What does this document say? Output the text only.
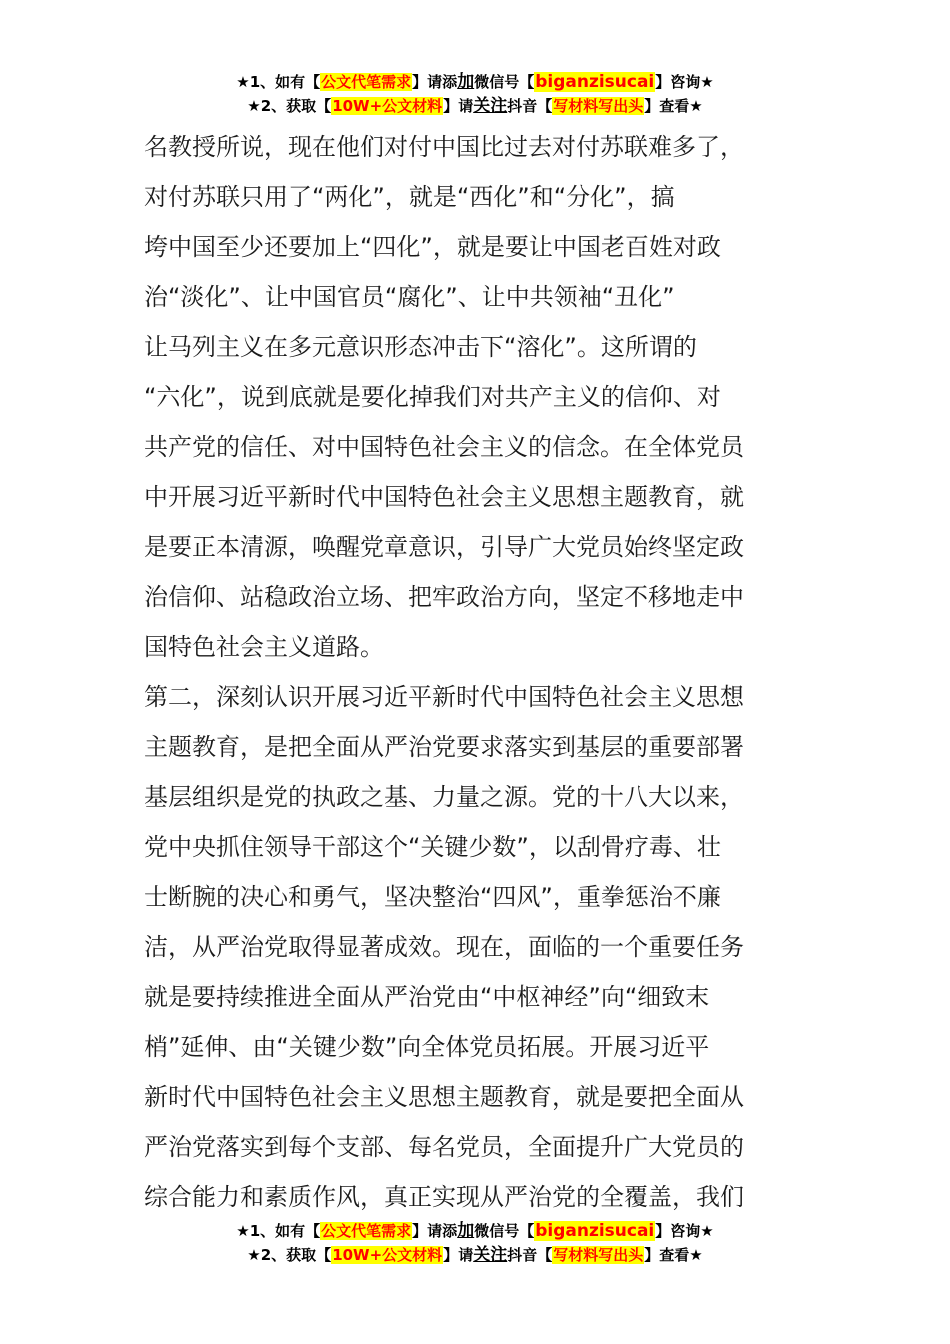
★1、如有【公文代笔需求】请添加微信号【biganzisucai】咨询★
★2、获取【10W+公文材料】请关注抖音【写材料写出头】查看★
名教授所说，现在他们对付中国比过去对付苏联难多了，
对付苏联只用了“两化”，就是“西化”和“分化”，搞
垮中国至少还要加上“四化”，就是要让中国老百姓对政
治“淡化”、让中国官员“腐化”、让中共领袖“丑化”
让马列主义在多元意识形态冲击下“溶化”。这所谓的
“六化”，说到底就是要化掉我们对共产主义的信仰、对
共产党的信任、对中国特色社会主义的信念。在全体党员
中开展习近平新时代中国特色社会主义思想主题教育，就
是要正本清源，唤醒党章意识，引导广大党员始终坚定政
治信仰、站稳政治立场、把牢政治方向，坚定不移地走中
国特色社会主义道路。
第二，深刻认识开展习近平新时代中国特色社会主义思想
主题教育，是把全面从严治党要求落实到基层的重要部署
基层组织是党的执政之基、力量之源。党的十八大以来，
党中央抓住领导干部这个“关键少数”，以刮骨疗毒、壮
士断腕的决心和勇气，坚决整治“四风”，重拳惩治不廉
洁，从严治党取得显著成效。现在，面临的一个重要任务
就是要持续推进全面从严治党由“中枢神经”向“细致末
梢”延伸、由“关键少数”向全体党员拓展。开展习近平
新时代中国特色社会主义思想主题教育，就是要把全面从
严治党落实到每个支部、每名党员，全面提升广大党员的
综合能力和素质作风，真正实现从严治党的全覆盖，我们
★1、如有【公文代笔需求】请添加微信号【biganzisucai】咨询★
★2、获取【10W+公文材料】请关注抖音【写材料写出头】查看★
